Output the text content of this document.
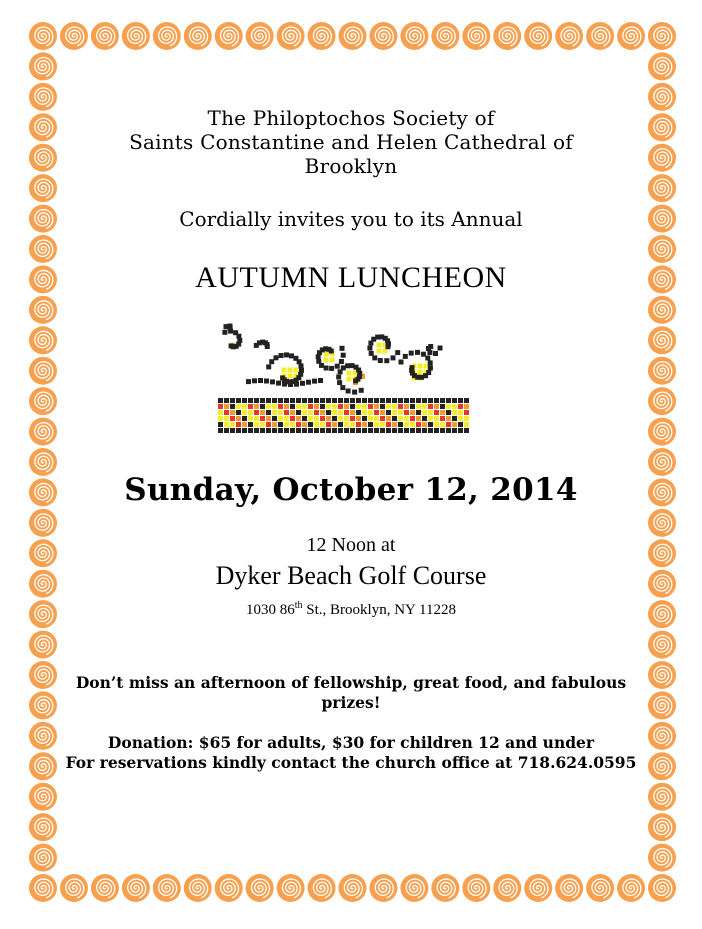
The Philoptochos Society of
Saints Constantine and Helen Cathedral of
Brooklyn

Cordially invites you to its Annual

AUTUMN LUNCHEON

Sunday, October 12, 2014

12 Noon at

Dyker Beach Golf Course

1030 86th St., Brooklyn, NY 11228

Don’t miss an afternoon of fellowship, great food, and fabulous prizes!

Donation: $65 for adults, $30 for children 12 and under
For reservations kindly contact the church office at 718.624.0595
